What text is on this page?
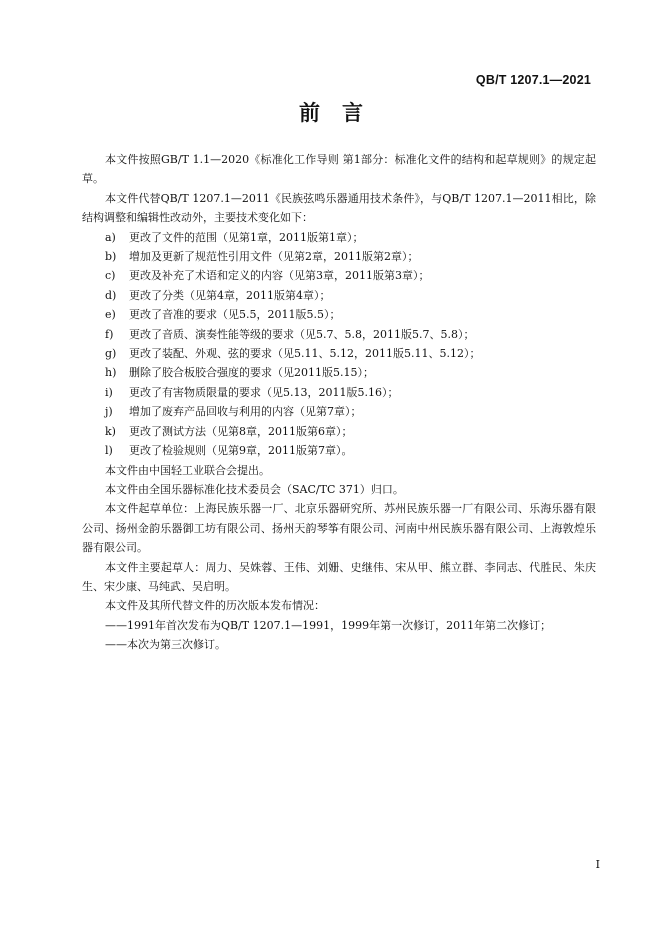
QB/T 1207.1—2021
前言

本文件按照GB/T 1.1—2020《标准化工作导则 第1部分：标准化文件的结构和起草规则》的规定起草。

本文件代替QB/T 1207.1—2011《民族弦鸣乐器通用技术条件》，与QB/T 1207.1—2011相比，除结构调整和编辑性改动外，主要技术变化如下：

a)	更改了文件的范围（见第1章，2011版第1章）；
b)	增加及更新了规范性引用文件（见第2章，2011版第2章）；
c)	更改及补充了术语和定义的内容（见第3章，2011版第3章）；
d)	更改了分类（见第4章，2011版第4章）；
e)	更改了音准的要求（见5.5，2011版5.5）；
f)	更改了音质、演奏性能等级的要求（见5.7、5.8，2011版5.7、5.8）；
g)	更改了装配、外观、弦的要求（见5.11、5.12，2011版5.11、5.12）；
h)	删除了胶合板胶合强度的要求（见2011版5.15）；
i)	更改了有害物质限量的要求（见5.13，2011版5.16）；
j)	增加了废弃产品回收与利用的内容（见第7章）；
k)	更改了测试方法（见第8章，2011版第6章）；
l)	更改了检验规则（见第9章，2011版第7章）。

本文件由中国轻工业联合会提出。

本文件由全国乐器标准化技术委员会（SAC/TC 371）归口。

本文件起草单位：上海民族乐器一厂、北京乐器研究所、苏州民族乐器一厂有限公司、乐海乐器有限公司、扬州金韵乐器御工坊有限公司、扬州天韵琴筝有限公司、河南中州民族乐器有限公司、上海敦煌乐器有限公司。

本文件主要起草人：周力、吴姝蓉、王伟、刘姗、史继伟、宋从甲、熊立群、李同志、代胜民、朱庆生、宋少康、马纯武、吴启明。

本文件及其所代替文件的历次版本发布情况：

——1991年首次发布为QB/T 1207.1—1991，1999年第一次修订，2011年第二次修订；

——本次为第三次修订。

I
